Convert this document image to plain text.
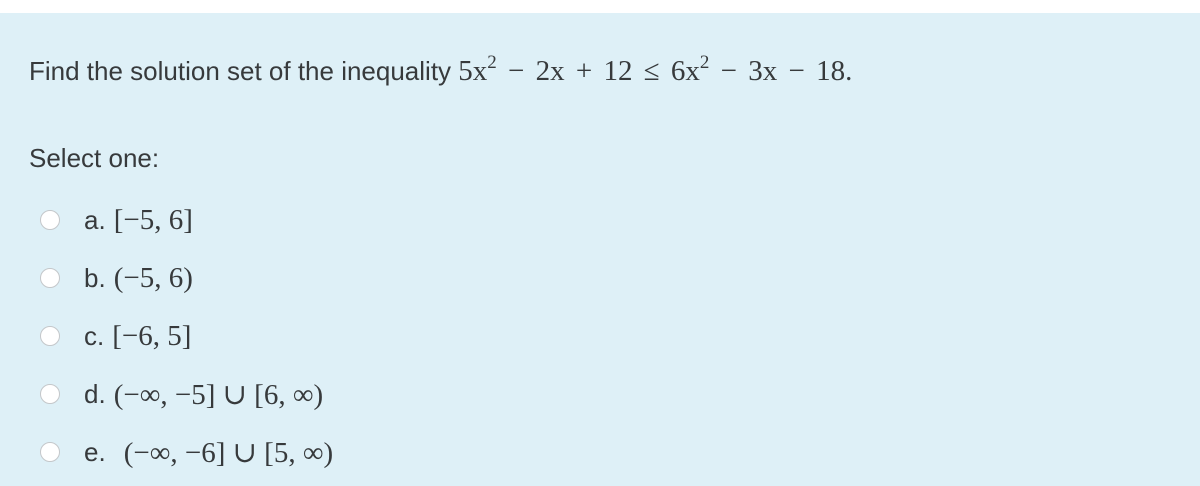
Find the solution set of the inequality $5x^2 - 2x + 12 \le 6x^2 - 3x - 18$.
Select one:
a. [−5, 6]
b. (−5, 6)
c. [−6, 5]
d. (−∞, −5] ∪ [6, ∞)
e. (−∞, −6] ∪ [5, ∞)
